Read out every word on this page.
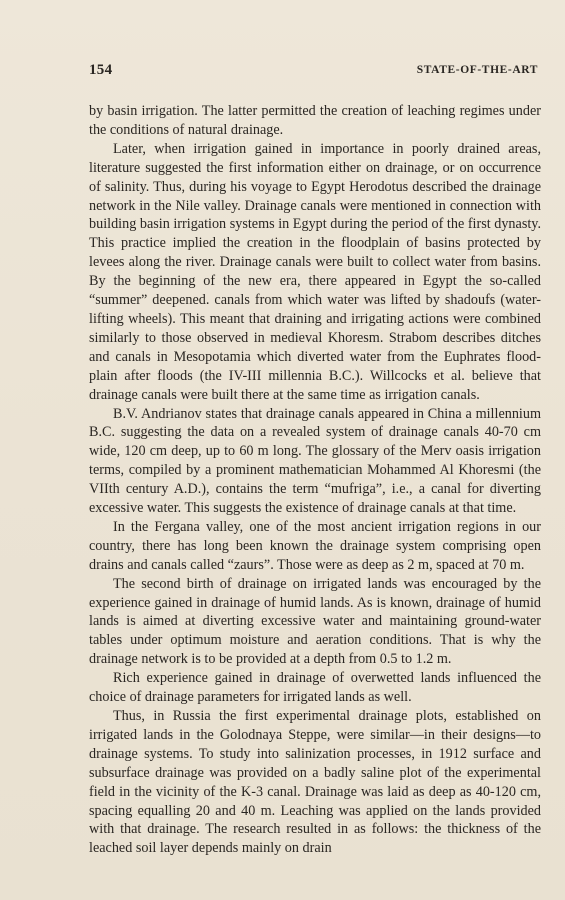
154	STATE-OF-THE-ART

by basin irrigation. The latter permitted the creation of leaching regimes under the conditions of natural drainage.

Later, when irrigation gained in importance in poorly drained areas, literature suggested the first information either on drainage, or on occurrence of salinity. Thus, during his voyage to Egypt Herodotus described the drainage network in the Nile valley. Drainage canals were mentioned in connection with building basin irrigation systems in Egypt during the period of the first dynasty. This practice implied the creation in the floodplain of basins protected by levees along the river. Drainage canals were built to collect water from basins. By the beginning of the new era, there appeared in Egypt the so-called “summer” deepened. canals from which water was lifted by shadoufs (water-lifting wheels). This meant that draining and irrigating actions were combined similarly to those observed in medieval Khoresm. Strabom describes ditches and canals in Mesopotamia which diverted water from the Euphrates flood-plain after floods (the IV-III millennia B.C.). Willcocks et al. believe that drainage canals were built there at the same time as irrigation canals.

B.V. Andrianov states that drainage canals appeared in China a millennium B.C. suggesting the data on a revealed system of drainage canals 40-70 cm wide, 120 cm deep, up to 60 m long. The glossary of the Merv oasis irrigation terms, compiled by a prominent mathematician Mohammed Al Khoresmi (the VIIth century A.D.), contains the term “mufriga”, i.e., a canal for diverting excessive water. This suggests the existence of drainage canals at that time.

In the Fergana valley, one of the most ancient irrigation regions in our country, there has long been known the drainage system comprising open drains and canals called “zaurs”. Those were as deep as 2 m, spaced at 70 m.

The second birth of drainage on irrigated lands was encouraged by the experience gained in drainage of humid lands. As is known, drainage of humid lands is aimed at diverting excessive water and maintaining ground-water tables under optimum moisture and aeration conditions. That is why the drainage network is to be provided at a depth from 0.5 to 1.2 m.

Rich experience gained in drainage of overwetted lands influenced the choice of drainage parameters for irrigated lands as well.

Thus, in Russia the first experimental drainage plots, established on irrigated lands in the Golodnaya Steppe, were similar—in their designs—to drainage systems. To study into salinization processes, in 1912 surface and subsurface drainage was provided on a badly saline plot of the experimental field in the vicinity of the K-3 canal. Drainage was laid as deep as 40-120 cm, spacing equalling 20 and 40 m. Leaching was applied on the lands provided with that drainage. The research resulted in as follows: the thickness of the leached soil layer depends mainly on drain
